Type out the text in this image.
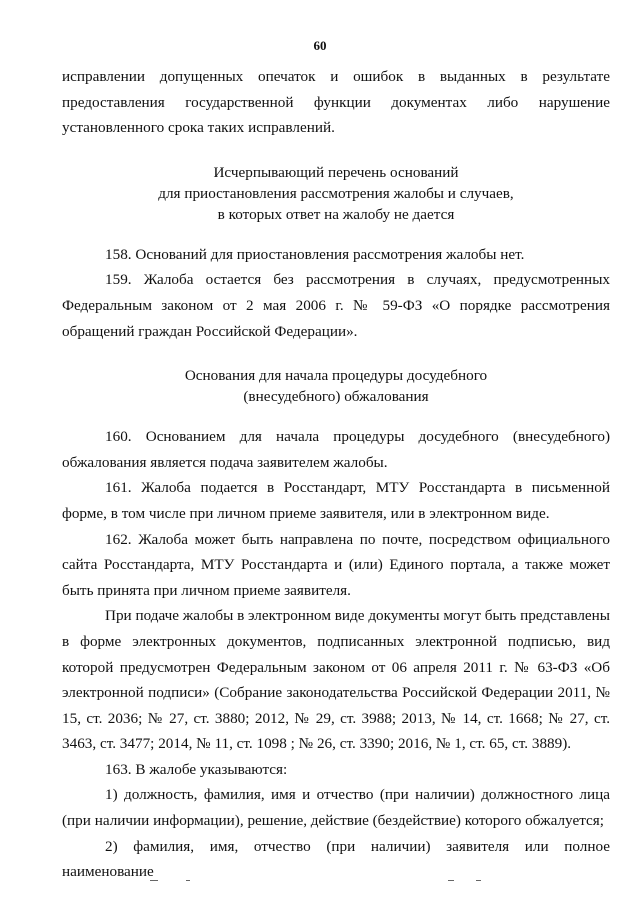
60

исправлении допущенных опечаток и ошибок в выданных в результате предоставления государственной функции документах либо нарушение установленного срока таких исправлений.

Исчерпывающий перечень оснований

для приостановления рассмотрения жалобы и случаев,

в которых ответ на жалобу не дается

158. Оснований для приостановления рассмотрения жалобы нет.

159. Жалоба остается без рассмотрения в случаях, предусмотренных Федеральным законом от 2 мая 2006 г. № 59-ФЗ «О порядке рассмотрения обращений граждан Российской Федерации».

Основания для начала процедуры досудебного

(внесудебного) обжалования

160. Основанием для начала процедуры досудебного (внесудебного) обжалования является подача заявителем жалобы.

161. Жалоба подается в Росстандарт, МТУ Росстандарта в письменной форме, в том числе при личном приеме заявителя, или в электронном виде.

162. Жалоба может быть направлена по почте, посредством официального сайта Росстандарта, МТУ Росстандарта и (или) Единого портала, а также может быть принята при личном приеме заявителя.

При подаче жалобы в электронном виде документы могут быть представлены в форме электронных документов, подписанных электронной подписью, вид которой предусмотрен Федеральным законом от 06 апреля 2011 г. № 63-ФЗ «Об электронной подписи» (Собрание законодательства Российской Федерации 2011, № 15, ст. 2036; № 27, ст. 3880; 2012, № 29, ст. 3988; 2013, № 14, ст. 1668; № 27, ст. 3463, ст. 3477; 2014, № 11, ст. 1098 ; № 26, ст. 3390; 2016, № 1, ст. 65, ст. 3889).

163. В жалобе указываются:

1) должность, фамилия, имя и отчество (при наличии) должностного лица (при наличии информации), решение, действие (бездействие) которого обжалуется;

2) фамилия, имя, отчество (при наличии) заявителя или полное наименование
